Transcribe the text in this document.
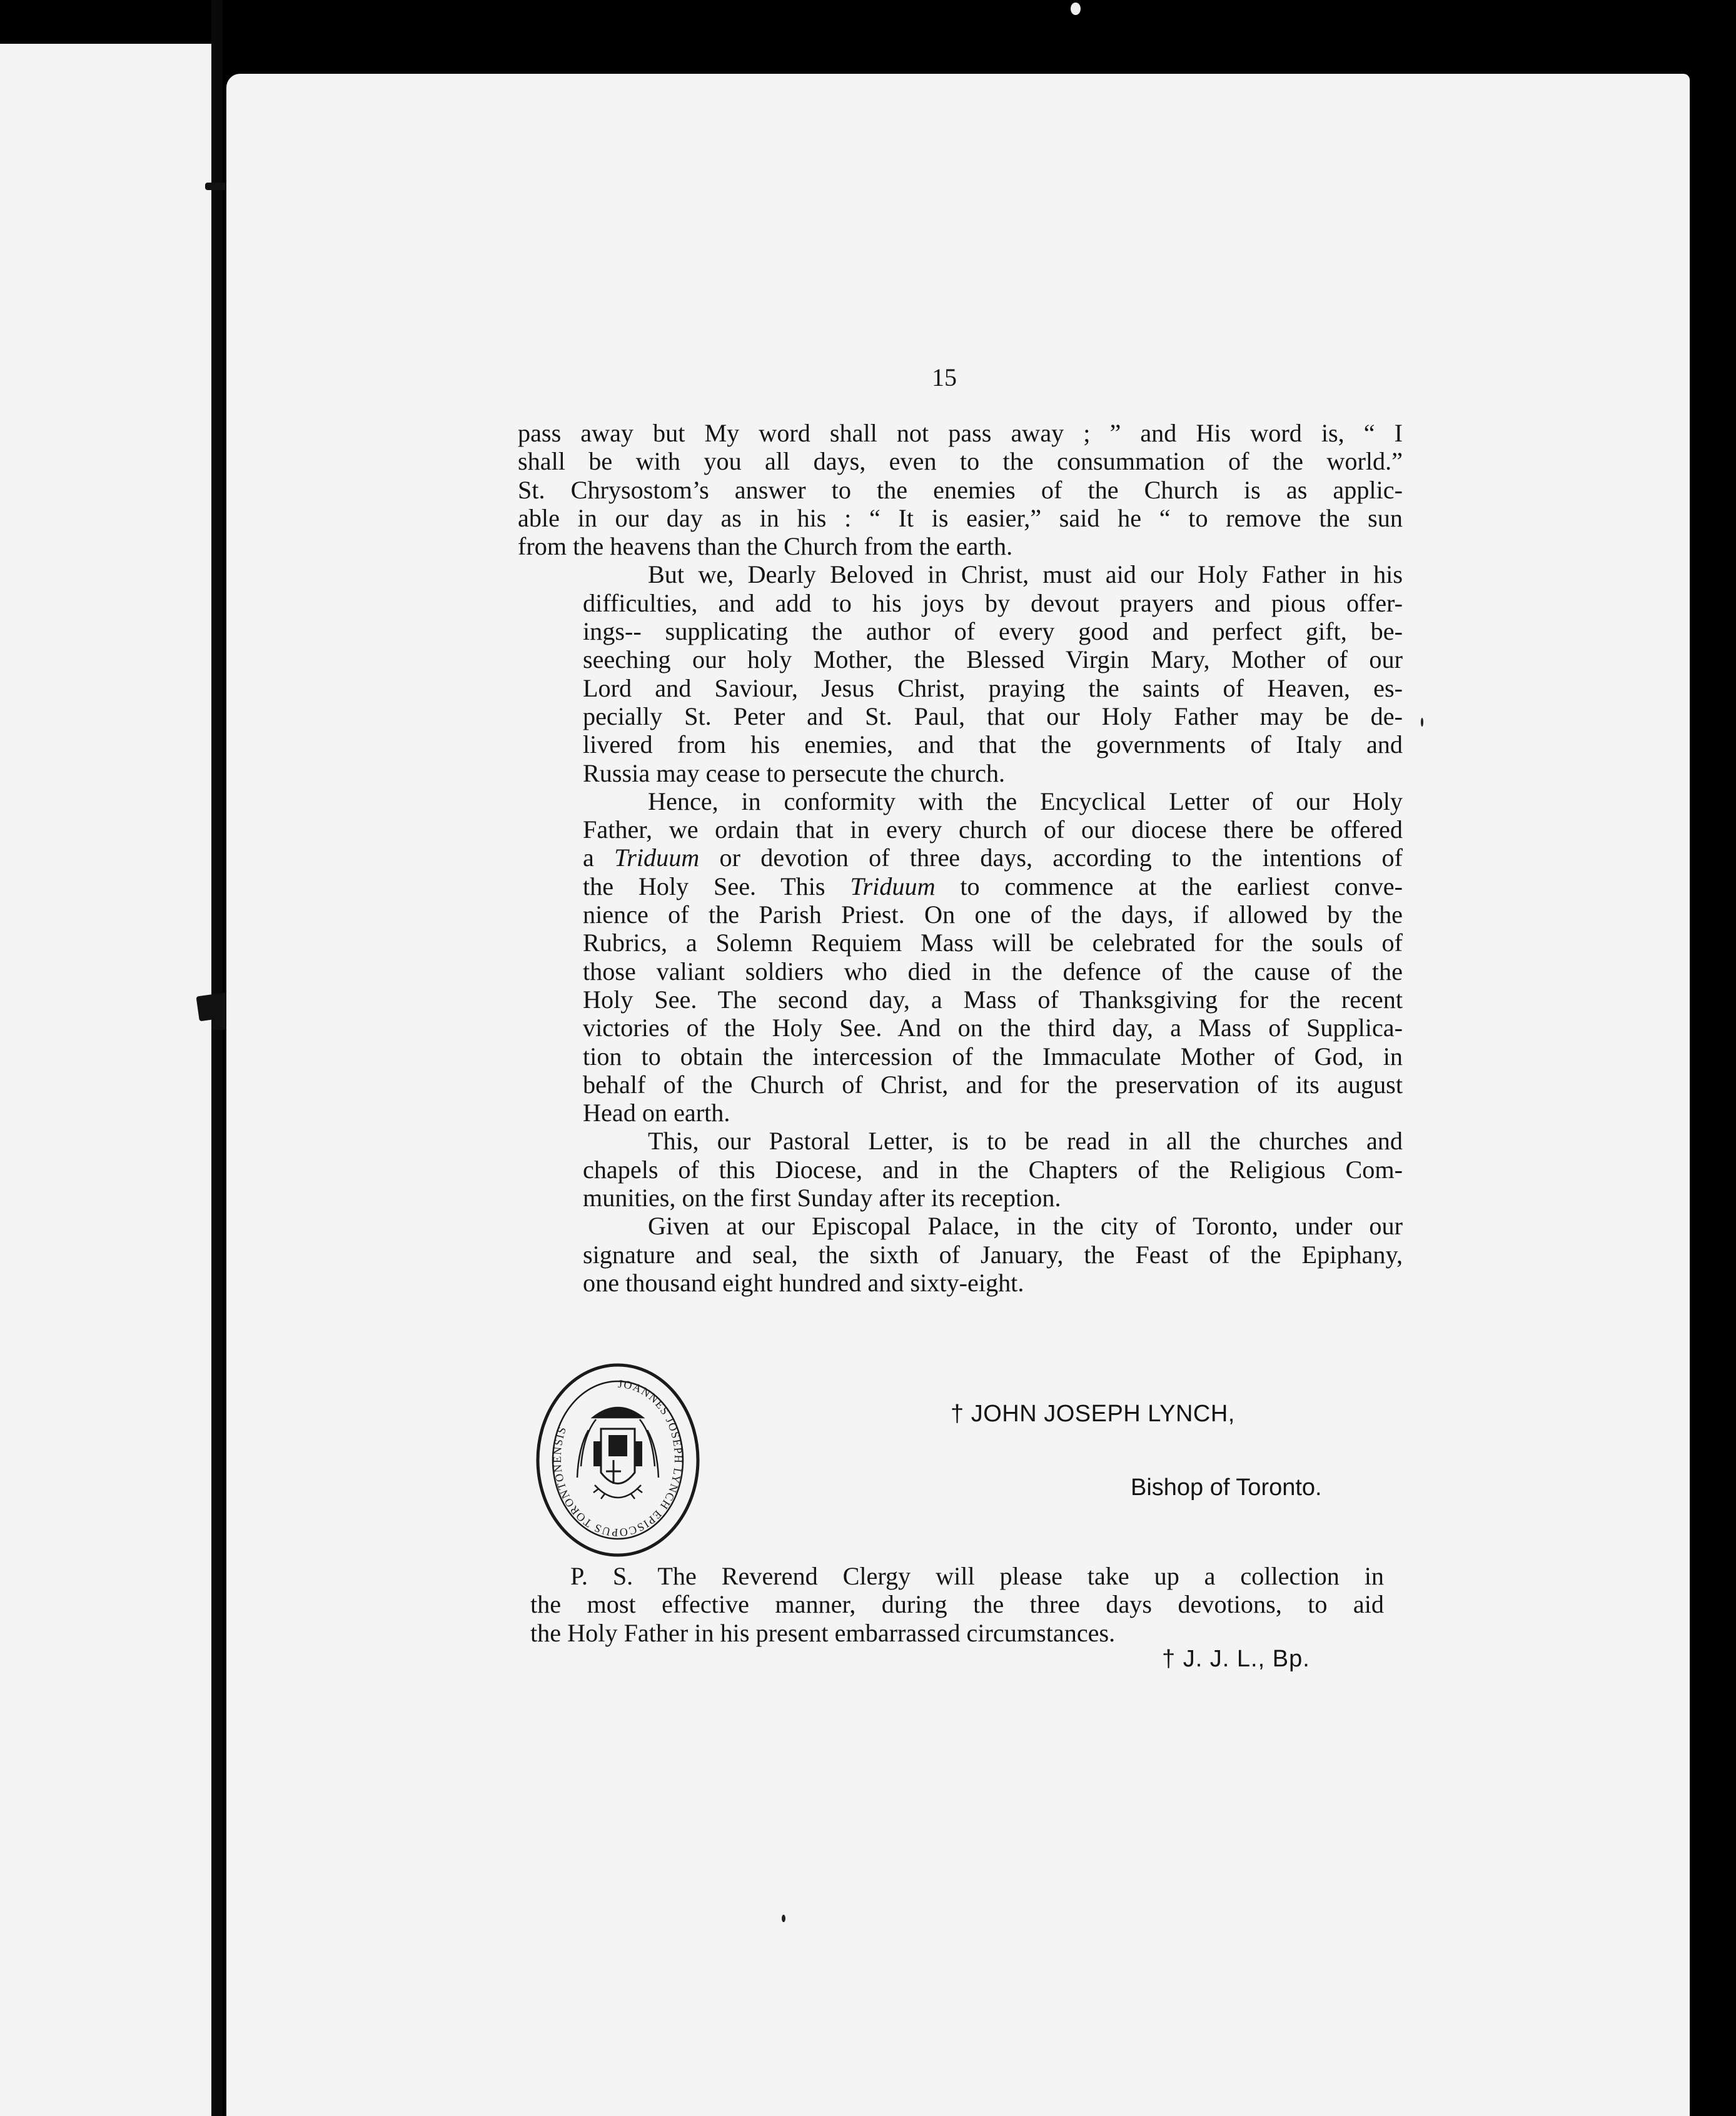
15
pass away but My word shall not pass away ; ” and His word is, “ I
shall be with you all days, even to the consummation of the world.”
St. Chrysostom’s answer to the enemies of the Church is as applic-
able in our day as in his : “ It is easier,” said he “ to remove the sun
from the heavens than the Church from the earth.
But we, Dearly Beloved in Christ, must aid our Holy Father in his
difficulties, and add to his joys by devout prayers and pious offer-
ings-- supplicating the author of every good and perfect gift, be-
seeching our holy Mother, the Blessed Virgin Mary, Mother of our
Lord and Saviour, Jesus Christ, praying the saints of Heaven, es-
pecially St. Peter and St. Paul, that our Holy Father may be de-
livered from his enemies, and that the governments of Italy and
Russia may cease to persecute the church.
Hence, in conformity with the Encyclical Letter of our Holy
Father, we ordain that in every church of our diocese there be offered
a Triduum or devotion of three days, according to the intentions of
the Holy See. This Triduum to commence at the earliest conve-
nience of the Parish Priest. On one of the days, if allowed by the
Rubrics, a Solemn Requiem Mass will be celebrated for the souls of
those valiant soldiers who died in the defence of the cause of the
Holy See. The second day, a Mass of Thanksgiving for the recent
victories of the Holy See. And on the third day, a Mass of Supplica-
tion to obtain the intercession of the Immaculate Mother of God, in
behalf of the Church of Christ, and for the preservation of its august
Head on earth.
This, our Pastoral Letter, is to be read in all the churches and
chapels of this Diocese, and in the Chapters of the Religious Com-
munities, on the first Sunday after its reception.
Given at our Episcopal Palace, in the city of Toronto, under our
signature and seal, the sixth of January, the Feast of the Epiphany,
one thousand eight hundred and sixty-eight.
JOANNES JOSEPH LYNCH EPISCOPUS TORONTONENSIS
† JOHN JOSEPH LYNCH,
Bishop of Toronto.
P. S. The Reverend Clergy will please take up a collection in
the most effective manner, during the three days devotions, to aid
the Holy Father in his present embarrassed circumstances.
† J. J. L., Bp.
